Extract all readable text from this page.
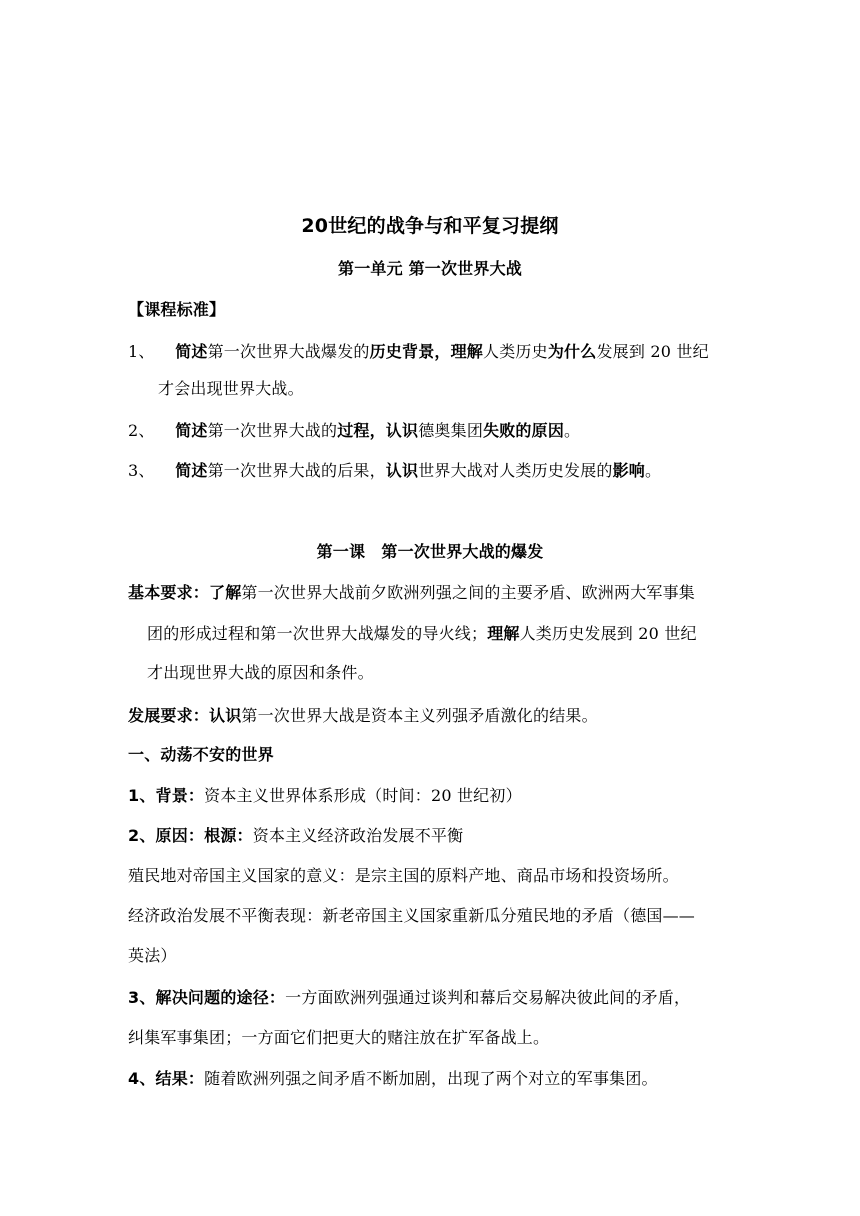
20世纪的战争与和平复习提纲
第一单元 第一次世界大战
【课程标准】
1、 简述第一次世界大战爆发的历史背景，理解人类历史为什么发展到 20 世纪
才会出现世界大战。
2、 简述第一次世界大战的过程，认识德奥集团失败的原因。
3、 简述第一次世界大战的后果，认识世界大战对人类历史发展的影响。
第一课　第一次世界大战的爆发
基本要求：了解第一次世界大战前夕欧洲列强之间的主要矛盾、欧洲两大军事集
团的形成过程和第一次世界大战爆发的导火线；理解人类历史发展到 20 世纪
才出现世界大战的原因和条件。
发展要求：认识第一次世界大战是资本主义列强矛盾激化的结果。
一、动荡不安的世界
1、背景：资本主义世界体系形成（时间：20 世纪初）
2、原因：根源：资本主义经济政治发展不平衡
殖民地对帝国主义国家的意义：是宗主国的原料产地、商品市场和投资场所。
经济政治发展不平衡表现：新老帝国主义国家重新瓜分殖民地的矛盾（德国——
英法）
3、解决问题的途径：一方面欧洲列强通过谈判和幕后交易解决彼此间的矛盾，
纠集军事集团；一方面它们把更大的赌注放在扩军备战上。
4、结果：随着欧洲列强之间矛盾不断加剧，出现了两个对立的军事集团。
